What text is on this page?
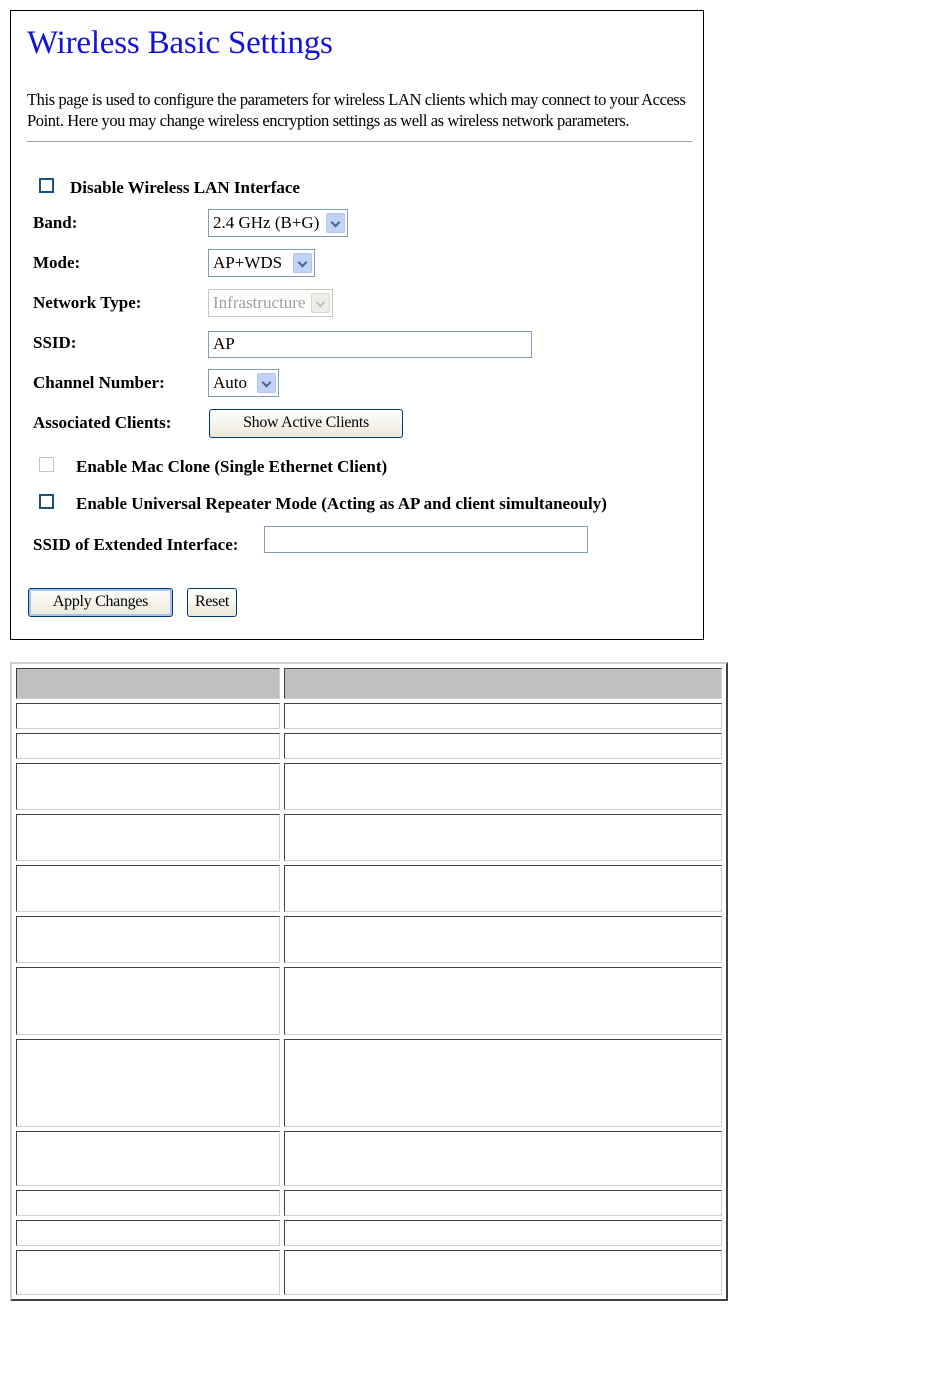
Wireless Basic Settings
This page is used to configure the parameters for wireless LAN clients which may connect to your Access Point. Here you may change wireless encryption settings as well as wireless network parameters.
Disable Wireless LAN Interface
Band:	2.4 GHz (B+G)
Mode:	AP+WDS
Network Type:	Infrastructure
SSID:	AP
Channel Number:	Auto
Associated Clients:	Show Active Clients
Enable Mac Clone (Single Ethernet Client)
Enable Universal Repeater Mode (Acting as AP and client simultaneouly)
SSID of Extended Interface:
Apply Changes	Reset
